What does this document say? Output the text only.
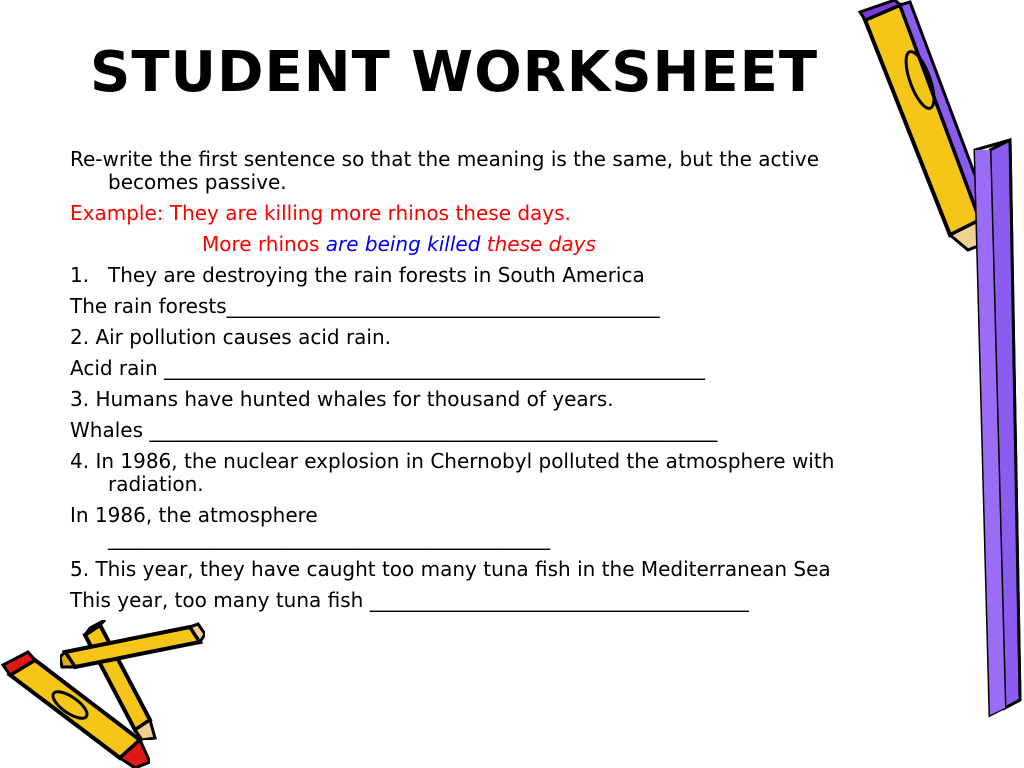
STUDENT WORKSHEET

Re-write the first sentence so that the meaning is the same, but the active
becomes passive.

Example: They are killing more rhinos these days.

More rhinos are being killed these days

1. They are destroying the rain forests in South America

The rain forests________________________________________________

2. Air pollution causes acid rain.

Acid rain ____________________________________________________________

3. Humans have hunted whales for thousand of years.

Whales _______________________________________________________________

4. In 1986, the nuclear explosion in Chernobyl polluted the atmosphere with
radiation.

In 1986, the atmosphere
_________________________________________________

5. This year, they have caught too many tuna fish in the Mediterranean Sea

This year, too many tuna fish __________________________________________
